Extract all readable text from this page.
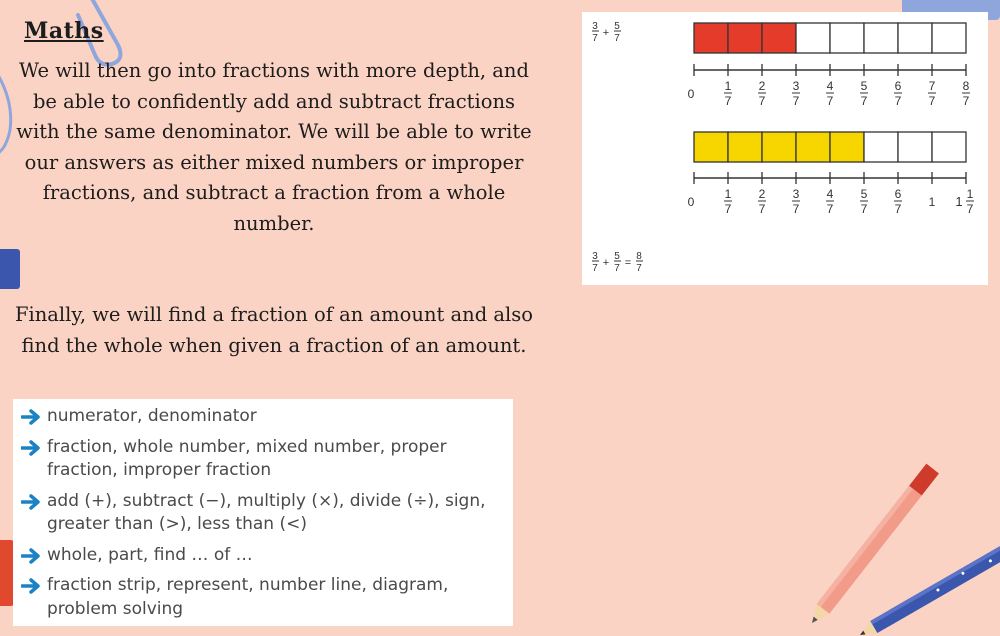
Maths

We will then go into fractions with more depth, and be able to confidently add and subtract fractions with the same denominator. We will be able to write our answers as either mixed numbers or improper fractions, and subtract a fraction from a whole number.

Finally, we will find a fraction of an amount and also find the whole when given a fraction of an amount.

numerator, denominator
fraction, whole number, mixed number, proper fraction, improper fraction
add (+), subtract (−), multiply (×), divide (÷), sign, greater than (>), less than (<)
whole, part, find … of …
fraction strip, represent, number line, diagram, problem solving
3
7 +
5
7
0
1
7
2
7
3
7
4
7
5
7
6
7
7
7
8
7
0
1
7
2
7
3
7
4
7
5
7
6
7 1 1 1
7
3
7 +
5
7 =
8
7
